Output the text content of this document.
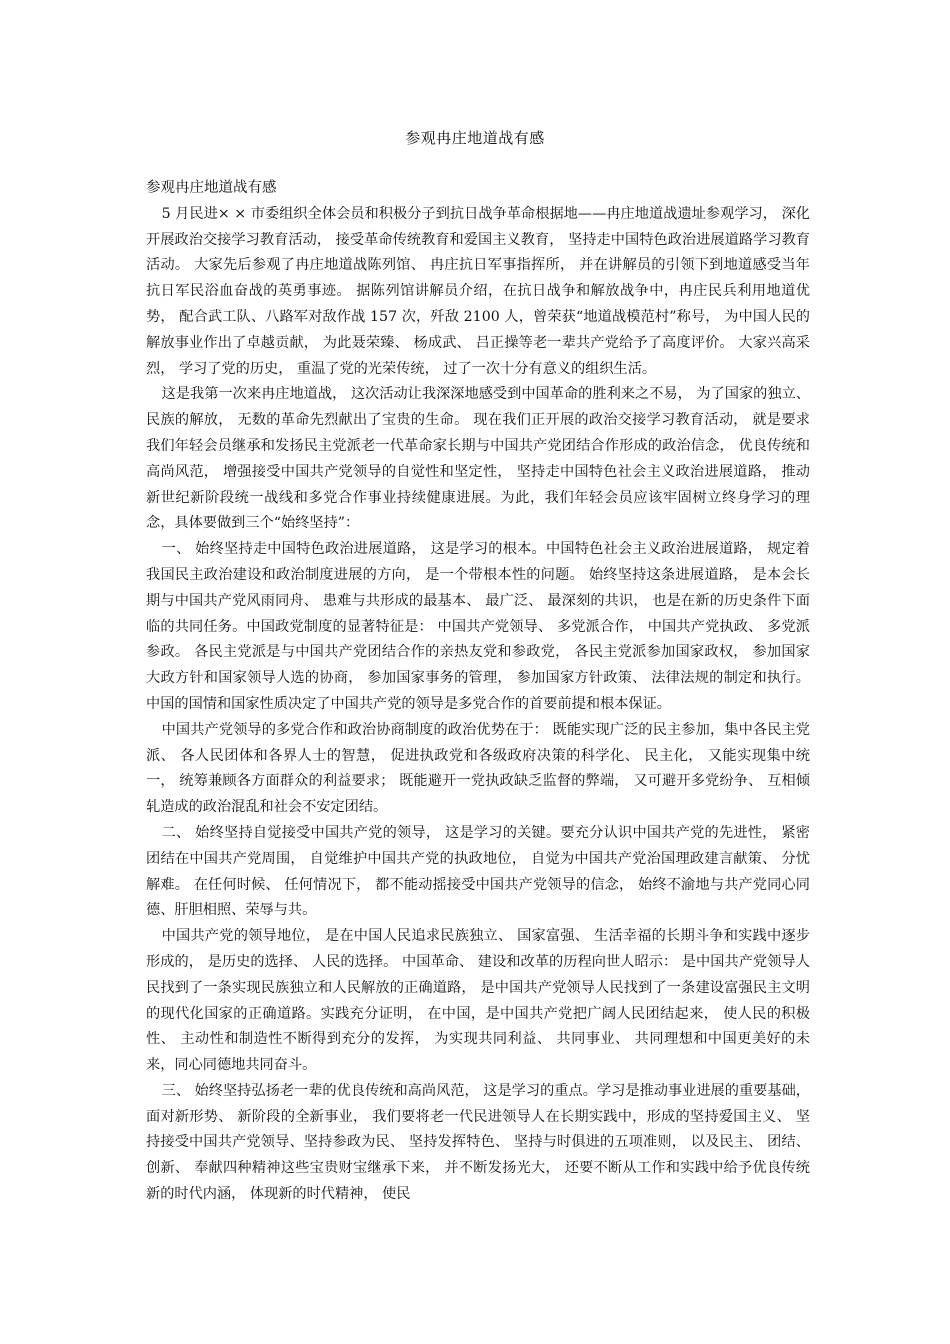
参观冉庄地道战有感

参观冉庄地道战有感

5 月民进× × 市委组织全体会员和积极分子到抗日战争革命根据地——冉庄地道战遗址参观学习， 深化开展政治交接学习教育活动， 接受革命传统教育和爱国主义教育， 坚持走中国特色政治进展道路学习教育活动。 大家先后参观了冉庄地道战陈列馆、 冉庄抗日军事指挥所， 并在讲解员的引领下到地道感受当年抗日军民浴血奋战的英勇事迹。 据陈列馆讲解员介绍，在抗日战争和解放战争中，冉庄民兵利用地道优势， 配合武工队、八路军对敌作战 157 次，歼敌 2100 人，曾荣获“地道战模范村”称号， 为中国人民的解放事业作出了卓越贡献， 为此聂荣臻、 杨成武、 吕正操等老一辈共产党给予了高度评价。 大家兴高采烈， 学习了党的历史， 重温了党的光荣传统， 过了一次十分有意义的组织生活。

这是我第一次来冉庄地道战， 这次活动让我深深地感受到中国革命的胜利来之不易， 为了国家的独立、 民族的解放， 无数的革命先烈献出了宝贵的生命。 现在我们正开展的政治交接学习教育活动， 就是要求我们年轻会员继承和发扬民主党派老一代革命家长期与中国共产党团结合作形成的政治信念， 优良传统和高尚风范， 增强接受中国共产党领导的自觉性和坚定性， 坚持走中国特色社会主义政治进展道路， 推动新世纪新阶段统一战线和多党合作事业持续健康进展。为此，我们年轻会员应该牢固树立终身学习的理念，具体要做到三个“始终坚持”：

一、 始终坚持走中国特色政治进展道路， 这是学习的根本。中国特色社会主义政治进展道路， 规定着我国民主政治建设和政治制度进展的方向， 是一个带根本性的问题。 始终坚持这条进展道路， 是本会长期与中国共产党风雨同舟、 患难与共形成的最基本、 最广泛、 最深刻的共识， 也是在新的历史条件下面临的共同任务。中国政党制度的显著特征是： 中国共产党领导、 多党派合作， 中国共产党执政、 多党派参政。 各民主党派是与中国共产党团结合作的亲热友党和参政党， 各民主党派参加国家政权， 参加国家大政方针和国家领导人选的协商， 参加国家事务的管理， 参加国家方针政策、 法律法规的制定和执行。 中国的国情和国家性质决定了中国共产党的领导是多党合作的首要前提和根本保证。

中国共产党领导的多党合作和政治协商制度的政治优势在于： 既能实现广泛的民主参加，集中各民主党派、 各人民团体和各界人士的智慧， 促进执政党和各级政府决策的科学化、 民主化， 又能实现集中统一， 统筹兼顾各方面群众的利益要求； 既能避开一党执政缺乏监督的弊端， 又可避开多党纷争、 互相倾轧造成的政治混乱和社会不安定团结。

二、 始终坚持自觉接受中国共产党的领导， 这是学习的关键。要充分认识中国共产党的先进性， 紧密团结在中国共产党周围， 自觉维护中国共产党的执政地位， 自觉为中国共产党治国理政建言献策、 分忧解难。 在任何时候、 任何情况下， 都不能动摇接受中国共产党领导的信念， 始终不渝地与共产党同心同德、肝胆相照、荣辱与共。

中国共产党的领导地位， 是在中国人民追求民族独立、 国家富强、 生活幸福的长期斗争和实践中逐步形成的， 是历史的选择、 人民的选择。 中国革命、 建设和改革的历程向世人昭示： 是中国共产党领导人民找到了一条实现民族独立和人民解放的正确道路， 是中国共产党领导人民找到了一条建设富强民主文明的现代化国家的正确道路。实践充分证明， 在中国，是中国共产党把广阔人民团结起来， 使人民的积极性、 主动性和制造性不断得到充分的发挥， 为实现共同利益、 共同事业、 共同理想和中国更美好的未来，同心同德地共同奋斗。

三、 始终坚持弘扬老一辈的优良传统和高尚风范， 这是学习的重点。学习是推动事业进展的重要基础， 面对新形势、 新阶段的全新事业， 我们要将老一代民进领导人在长期实践中，形成的坚持爱国主义、 坚持接受中国共产党领导、坚持参政为民、 坚持发挥特色、 坚持与时俱进的五项准则， 以及民主、 团结、 创新、 奉献四种精神这些宝贵财宝继承下来， 并不断发扬光大， 还要不断从工作和实践中给予优良传统新的时代内涵， 体现新的时代精神， 使民
